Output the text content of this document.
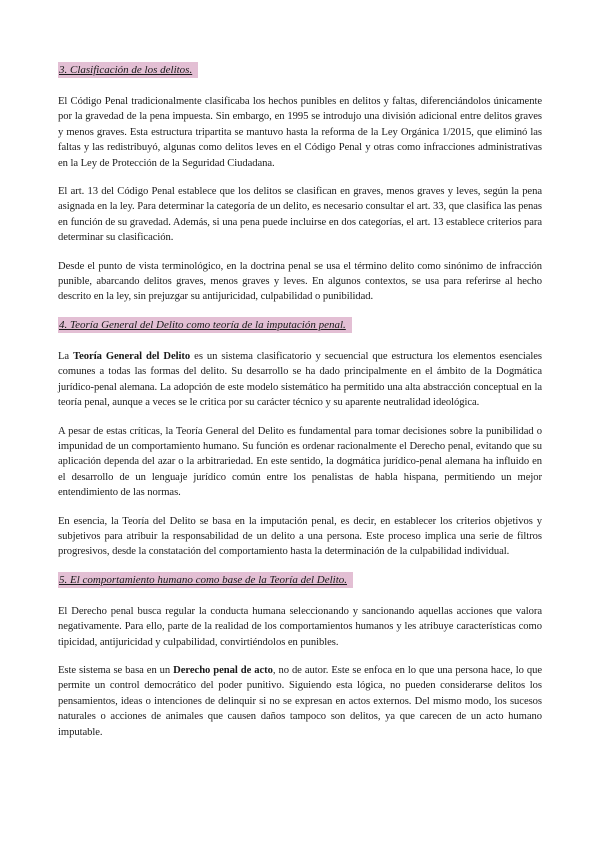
3. Clasificación de los delitos.

El Código Penal tradicionalmente clasificaba los hechos punibles en delitos y faltas, diferenciándolos únicamente por la gravedad de la pena impuesta. Sin embargo, en 1995 se introdujo una división adicional entre delitos graves y menos graves. Esta estructura tripartita se mantuvo hasta la reforma de la Ley Orgánica 1/2015, que eliminó las faltas y las redistribuyó, algunas como delitos leves en el Código Penal y otras como infracciones administrativas en la Ley de Protección de la Seguridad Ciudadana.

El art. 13 del Código Penal establece que los delitos se clasifican en graves, menos graves y leves, según la pena asignada en la ley. Para determinar la categoría de un delito, es necesario consultar el art. 33, que clasifica las penas en función de su gravedad. Además, si una pena puede incluirse en dos categorías, el art. 13 establece criterios para determinar su clasificación.

Desde el punto de vista terminológico, en la doctrina penal se usa el término delito como sinónimo de infracción punible, abarcando delitos graves, menos graves y leves. En algunos contextos, se usa para referirse al hecho descrito en la ley, sin prejuzgar su antijuricidad, culpabilidad o punibilidad.

4. Teoría General del Delito como teoría de la imputación penal.

La Teoría General del Delito es un sistema clasificatorio y secuencial que estructura los elementos esenciales comunes a todas las formas del delito. Su desarrollo se ha dado principalmente en el ámbito de la Dogmática jurídico-penal alemana. La adopción de este modelo sistemático ha permitido una alta abstracción conceptual en la teoría penal, aunque a veces se le critica por su carácter técnico y su aparente neutralidad ideológica.

A pesar de estas críticas, la Teoría General del Delito es fundamental para tomar decisiones sobre la punibilidad o impunidad de un comportamiento humano. Su función es ordenar racionalmente el Derecho penal, evitando que su aplicación dependa del azar o la arbitrariedad. En este sentido, la dogmática jurídico-penal alemana ha influido en el desarrollo de un lenguaje jurídico común entre los penalistas de habla hispana, permitiendo un mejor entendimiento de las normas.

En esencia, la Teoría del Delito se basa en la imputación penal, es decir, en establecer los criterios objetivos y subjetivos para atribuir la responsabilidad de un delito a una persona. Este proceso implica una serie de filtros progresivos, desde la constatación del comportamiento hasta la determinación de la culpabilidad individual.

5. El comportamiento humano como base de la Teoría del Delito.

El Derecho penal busca regular la conducta humana seleccionando y sancionando aquellas acciones que valora negativamente. Para ello, parte de la realidad de los comportamientos humanos y les atribuye características como tipicidad, antijuricidad y culpabilidad, convirtiéndolos en punibles.

Este sistema se basa en un Derecho penal de acto, no de autor. Este se enfoca en lo que una persona hace, lo que permite un control democrático del poder punitivo. Siguiendo esta lógica, no pueden considerarse delitos los pensamientos, ideas o intenciones de delinquir si no se expresan en actos externos. Del mismo modo, los sucesos naturales o acciones de animales que causen daños tampoco son delitos, ya que carecen de un acto humano imputable.
